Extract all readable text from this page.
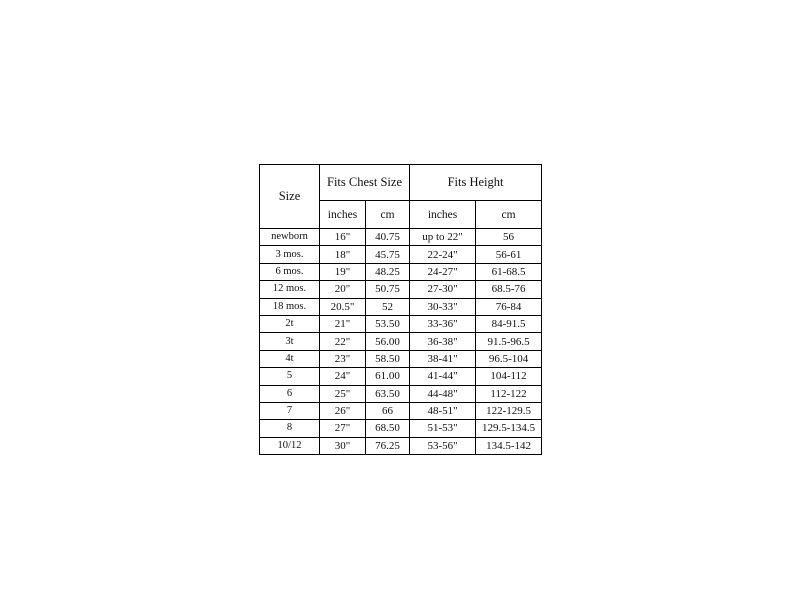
Size	Fits Chest Size		Fits Height	
	inches	cm	inches	cm
newborn	16"	40.75	up to 22"	56
3 mos.	18"	45.75	22-24"	56-61
6 mos.	19"	48.25	24-27"	61-68.5
12 mos.	20"	50.75	27-30"	68.5-76
18 mos.	20.5"	52	30-33"	76-84
2t	21"	53.50	33-36"	84-91.5
3t	22"	56.00	36-38"	91.5-96.5
4t	23"	58.50	38-41"	96.5-104
5	24"	61.00	41-44"	104-112
6	25"	63.50	44-48"	112-122
7	26"	66	48-51"	122-129.5
8	27"	68.50	51-53"	129.5-134.5
10/12	30"	76.25	53-56"	134.5-142
